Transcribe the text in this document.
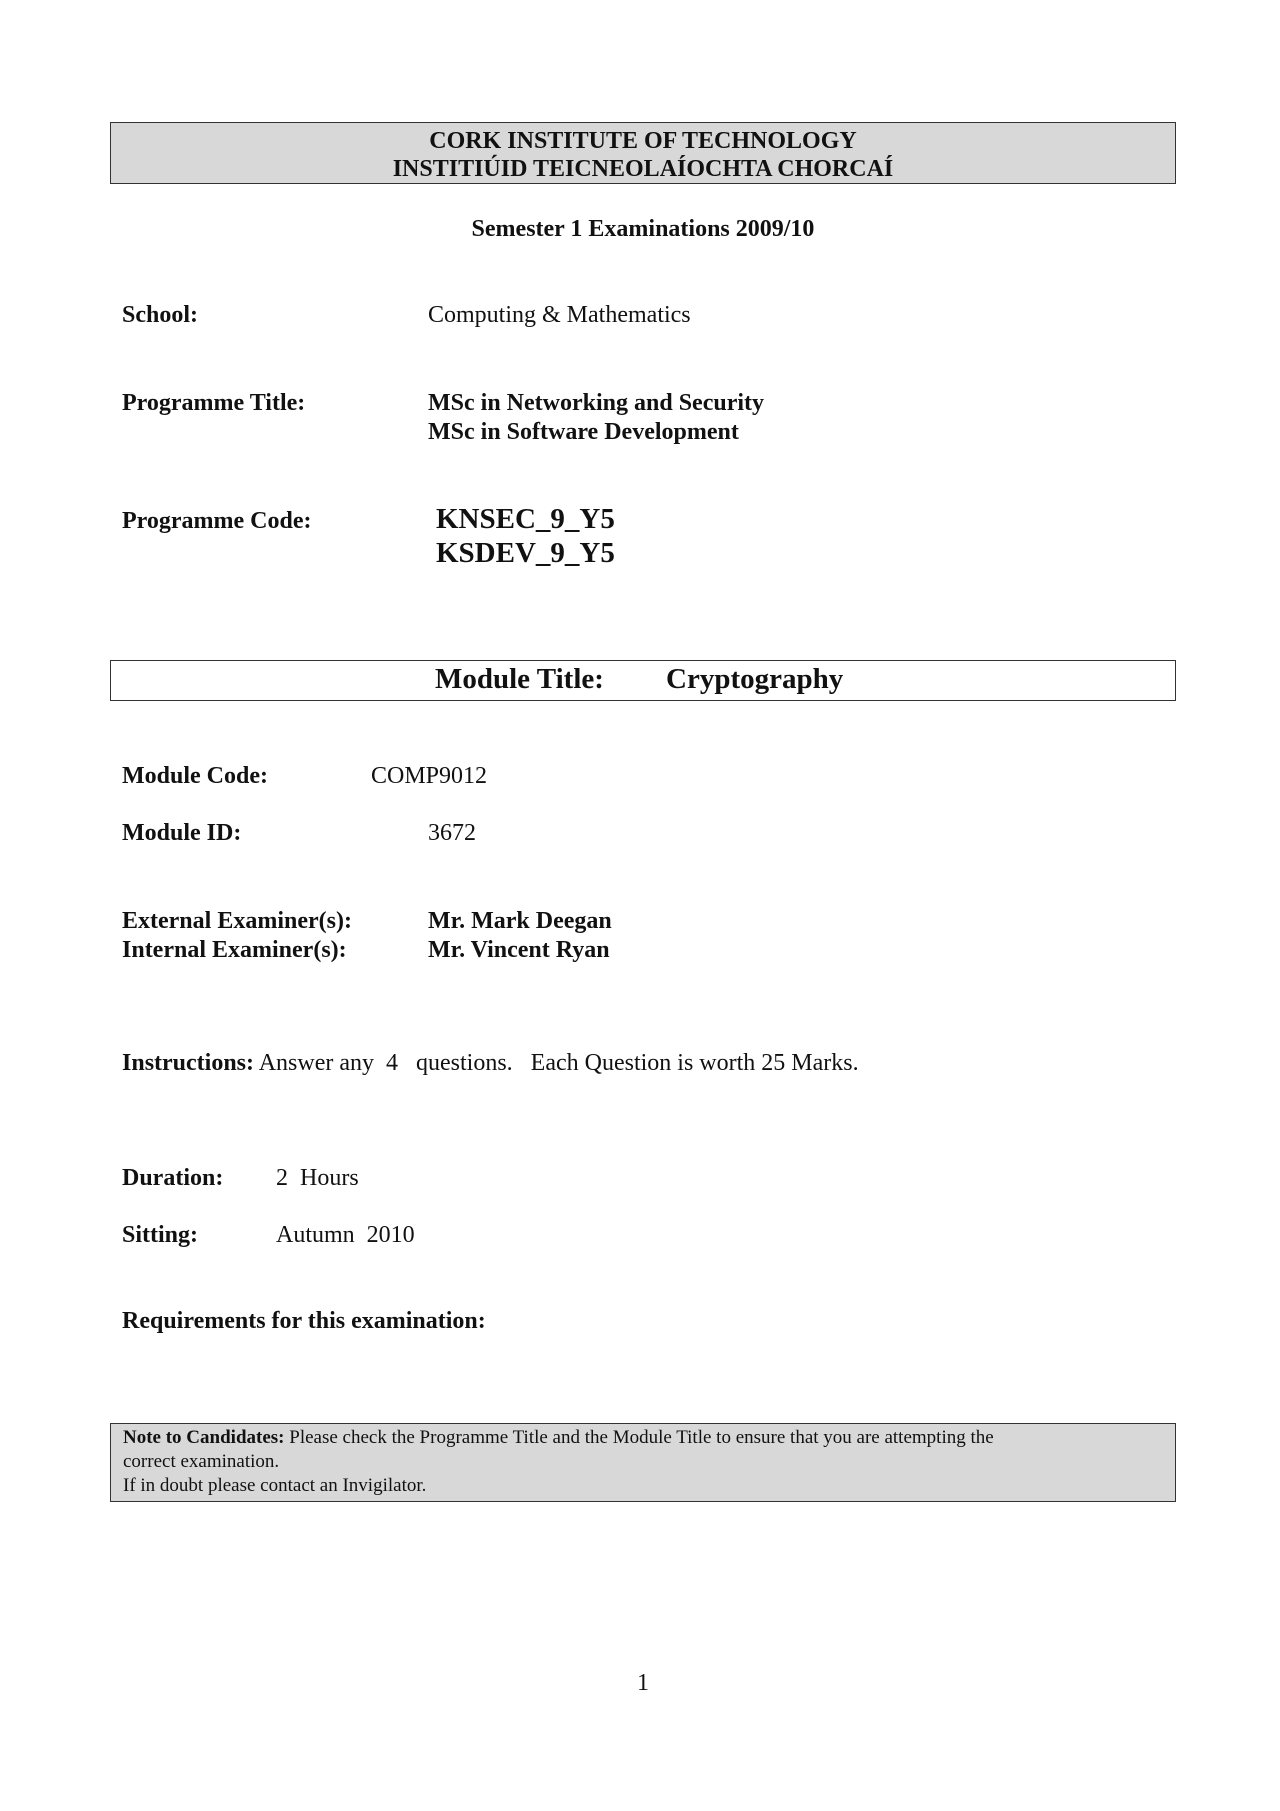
CORK INSTITUTE OF TECHNOLOGY
INSTITIÚID TEICNEOLAÍOCHTA CHORCAÍ
Semester 1 Examinations 2009/10
School:	Computing & Mathematics
Programme Title:	MSc in Networking and Security
MSc in Software Development
Programme Code:	KNSEC_9_Y5
KSDEV_9_Y5
Module Title: Cryptography
Module Code:	COMP9012
Module ID:	3672
External Examiner(s):	Mr. Mark Deegan
Internal Examiner(s):	Mr. Vincent Ryan
Instructions: Answer any  4   questions.   Each Question is worth 25 Marks.
Duration: 2  Hours
Sitting:	Autumn  2010
Requirements for this examination:
Note to Candidates: Please check the Programme Title and the Module Title to ensure that you are attempting the
correct examination.
If in doubt please contact an Invigilator.
1
